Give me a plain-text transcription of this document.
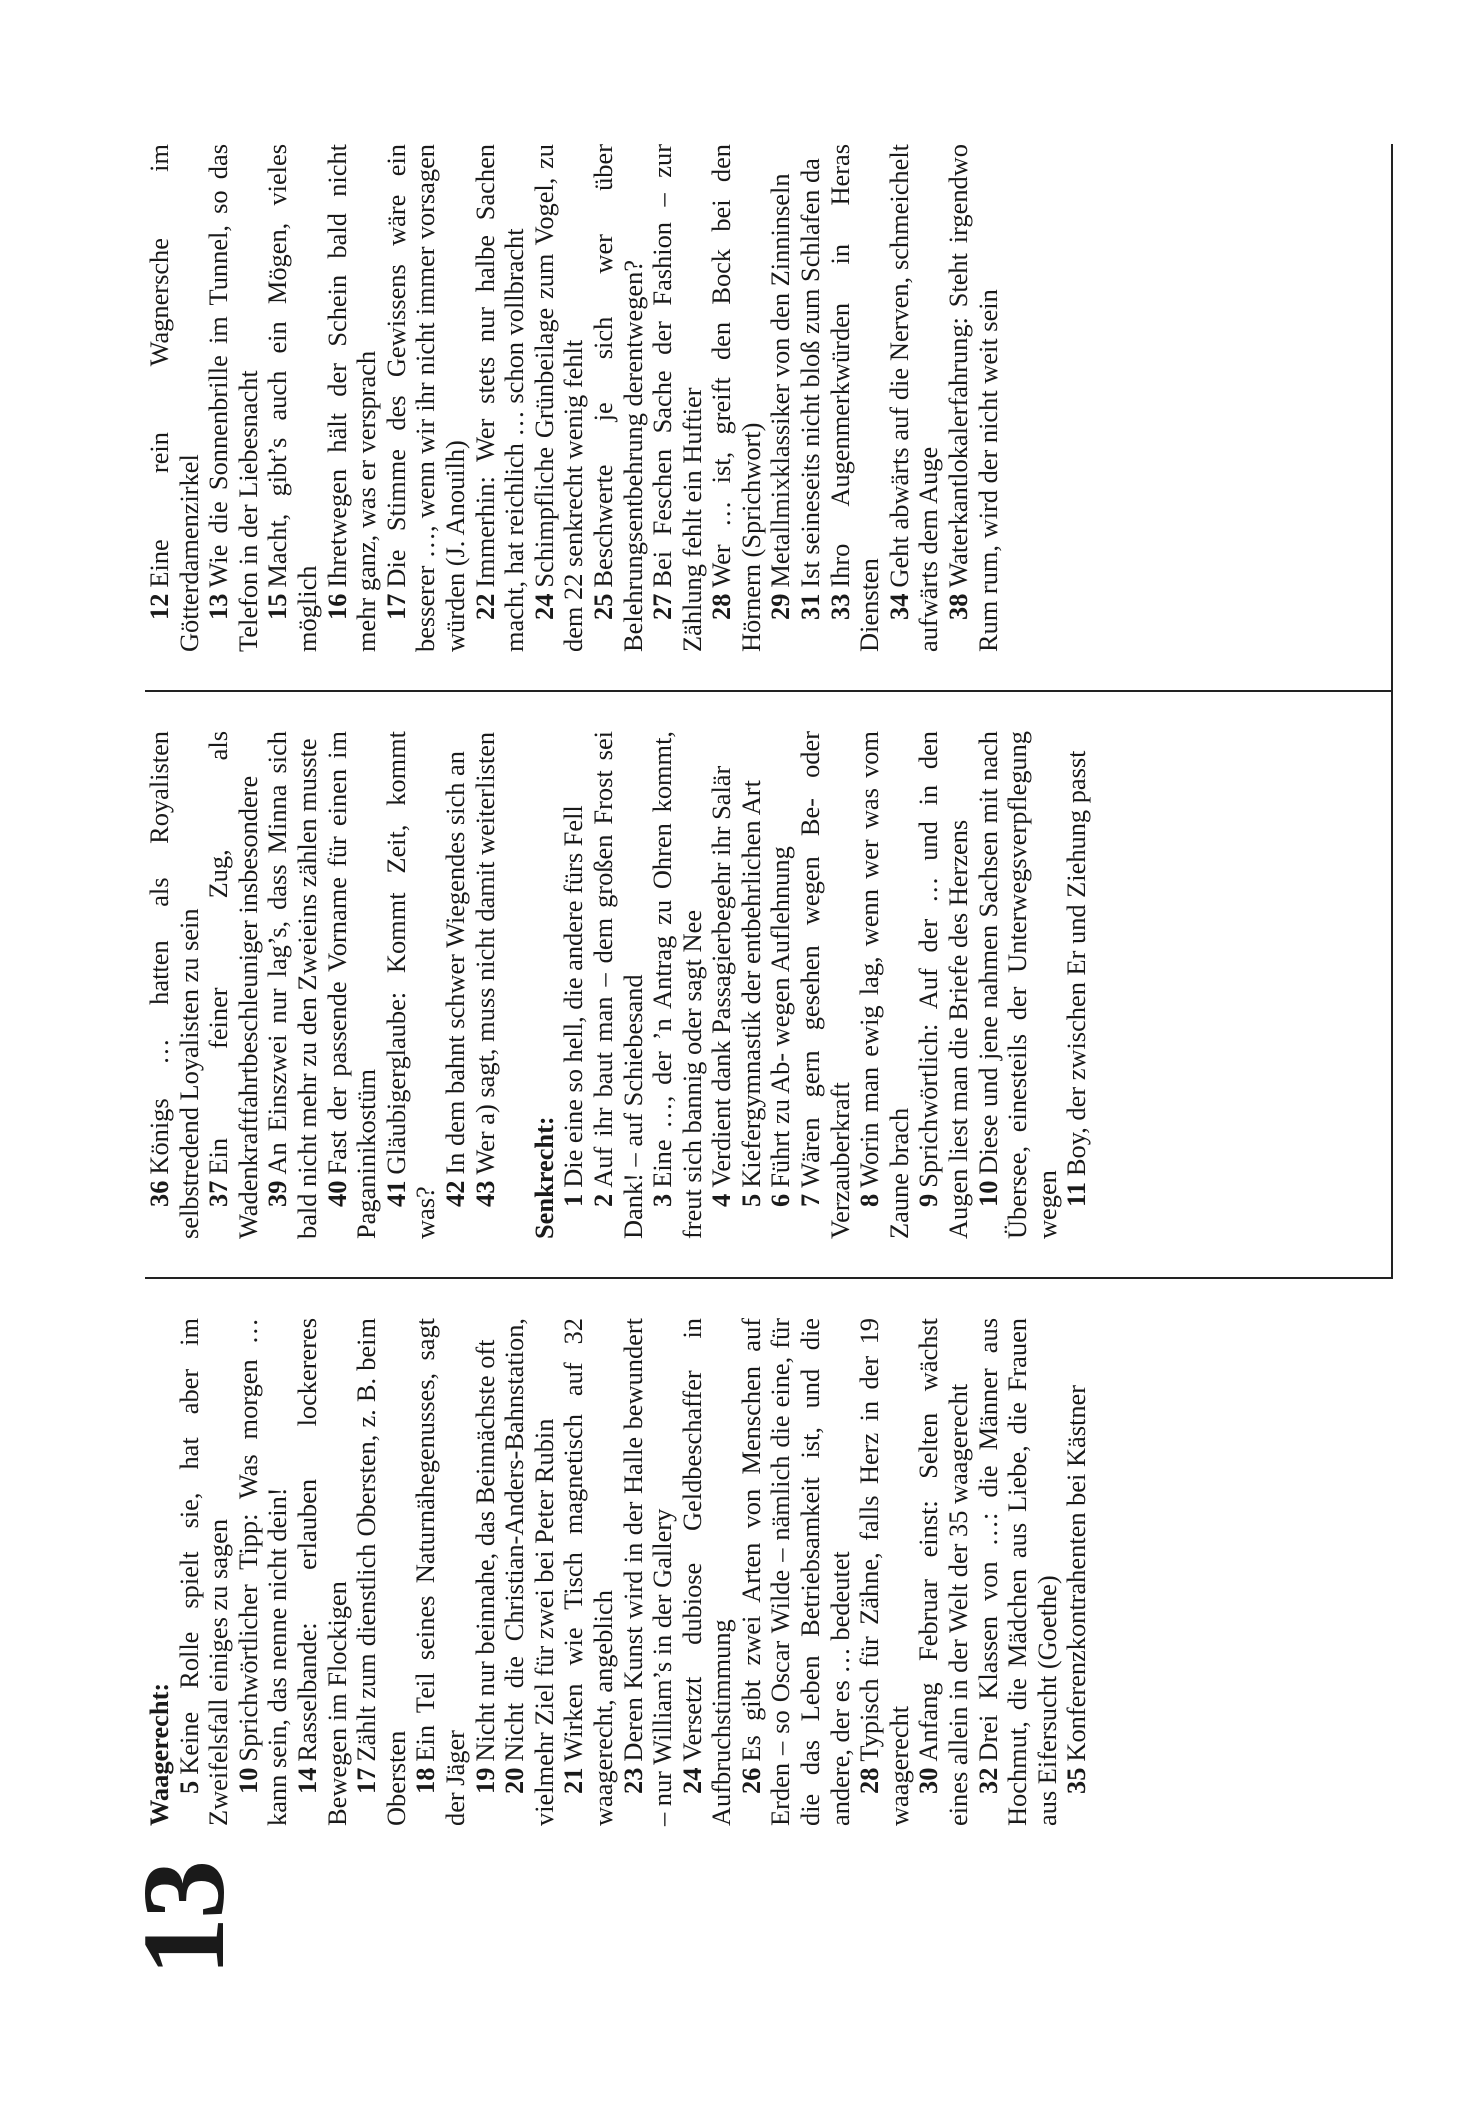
13
Waagerecht: 5Keine Rolle spielt sie, hat aber im Zweifelsfall einiges zu sagen 10Sprichwörtlicher Tipp: Was morgen … kann sein, das nenne nicht dein! 14Rasselbande: erlauben lockereres Bewegen im Flockigen 17Zählt zum dienstlich Obersten, z. B. beim Obersten 18Ein Teil seines Naturnähegenusses, sagt der Jäger 19Nicht nur beinnahe, das Beinnächste oft

20Nicht die Christian-Anders-Bahnstation, vielmehr Ziel für zwei bei Peter Rubin 21Wirken wie Tisch magnetisch auf 32 waagerecht, angeblich 23Deren Kunst wird in der Halle bewundert – nur William’s in der Gallery 24Versetzt dubiose Geldbeschaffer in Aufbruchstimmung 26Es gibt zwei Arten von Menschen auf Erden – so Oscar Wilde – nämlich die eine, für die das Leben Betriebsamkeit ist, und die andere, der es … bedeutet 28Typisch für Zähne, falls Herz in der 19 waagerecht 30Anfang Februar einst: Selten wächst eines allein in der Welt der 35 waagerecht 32Drei Klassen von …: die Männer aus Hochmut, die Mädchen aus Liebe, die Frauen aus Eifersucht (Goethe) 35Konferenzkontrahenten bei Kästner

36Königs … hatten als Royalisten selbstredend Loyalisten zu sein 37Ein feiner Zug, als Wadenkraftfahrtbeschleuniger insbesondere 39An Einszwei nur lag’s, dass Minna sich bald nicht mehr zu den Zweieins zählen musste 40Fast der passende Vorname für einen im Paganinikostüm 41Gläubigerglaube: Kommt Zeit, kommt was? 42In dem bahnt schwer Wiegendes sich an

43Wer a) sagt, muss nicht damit weiterlisten

Senkrecht: 1Die eine so hell, die andere fürs Fell

2Auf ihr baut man – dem großen Frost sei Dank! – auf Schiebesand 3Eine …, der ’n Antrag zu Ohren kommt, freut sich bannig oder sagt Nee 4Verdient dank Passagierbegehr ihr Salär

5Kiefergymnastik der entbehrlichen Art

6Führt zu Ab- wegen Auflehnung

7Wären gern gesehen wegen Be- oder Verzauberkraft 8Worin man ewig lag, wenn wer was vom Zaune brach 9Sprichwörtlich: Auf der … und in den Augen liest man die Briefe des Herzens 10Diese und jene nahmen Sachsen mit nach Übersee, einesteils der Unterwegsverpflegung wegen 11Boy, der zwischen Er und Ziehung passt

12Eine rein Wagnersche im Götterdamenzirkel 13Wie die Sonnenbrille im Tunnel, so das Telefon in der Liebesnacht 15Macht, gibt’s auch ein Mögen, vieles möglich 16Ihretwegen hält der Schein bald nicht mehr ganz, was er versprach 17Die Stimme des Gewissens wäre ein besserer …, wenn wir ihr nicht immer vorsagen würden (J. Anouilh) 22Immerhin: Wer stets nur halbe Sachen macht, hat reichlich … schon vollbracht 24Schimpfliche Grünbeilage zum Vogel, zu dem 22 senkrecht wenig fehlt 25Beschwerte je sich wer über Belehrungsentbehrung derentwegen? 27Bei Feschen Sache der Fashion – zur Zählung fehlt ein Huftier 28Wer … ist, greift den Bock bei den Hörnern (Sprichwort) 29Metallmixklassiker von den Zinninseln

31Ist seineseits nicht bloß zum Schlafen da

33Ihro Augenmerkwürden in Heras Diensten 34Geht abwärts auf die Nerven, schmeichelt aufwärts dem Auge 38Waterkantlokalerfahrung: Steht irgendwo Rum rum, wird der nicht weit sein
